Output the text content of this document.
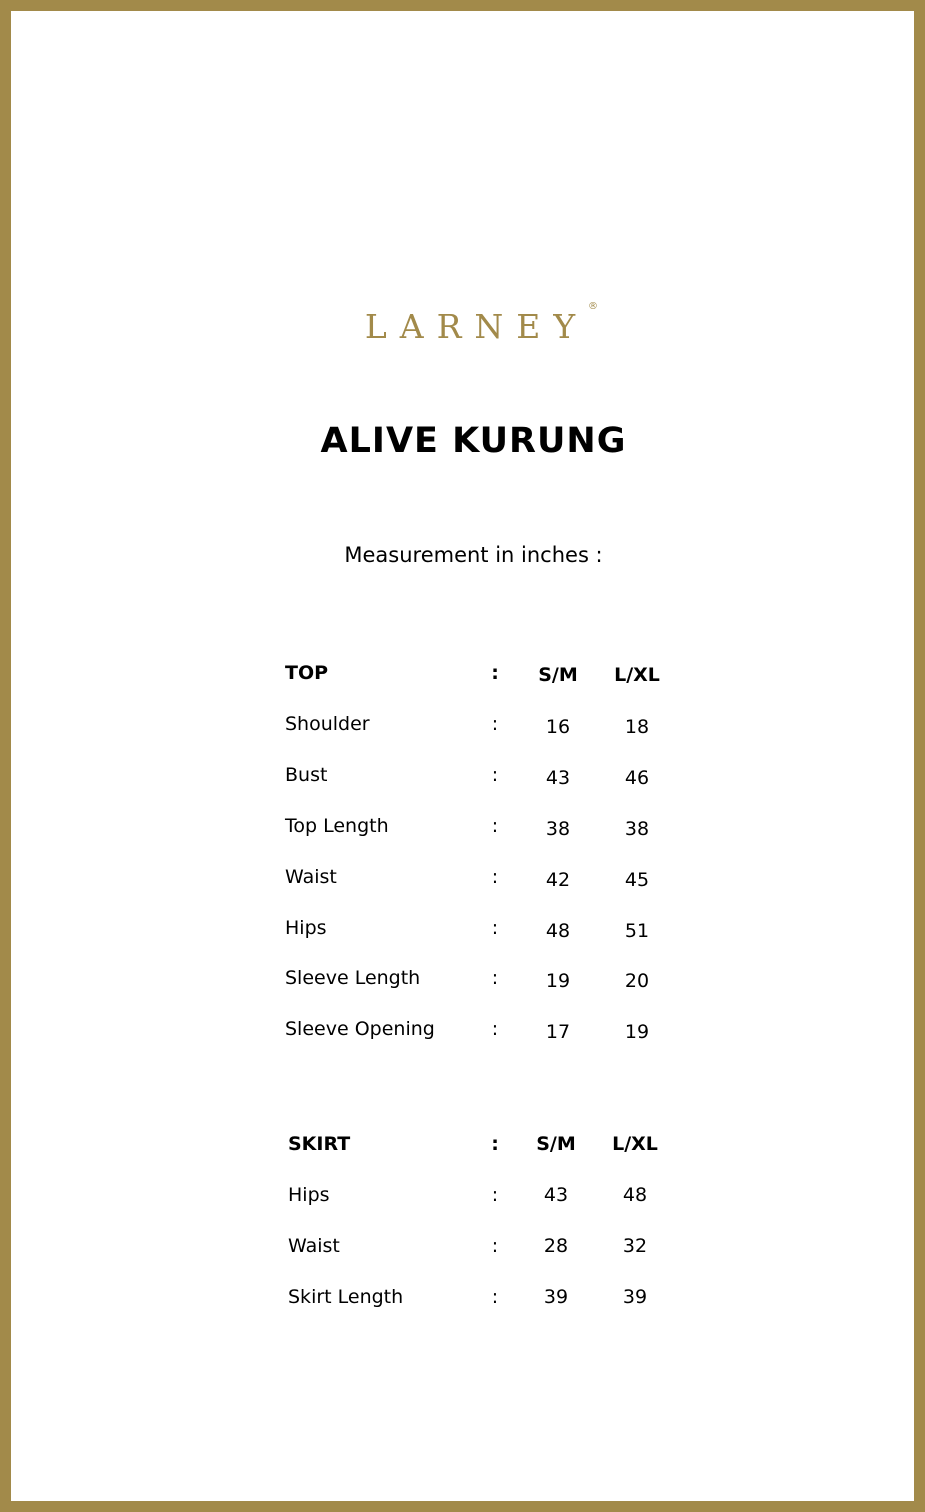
LARNEY
®
ALIVE KURUNG
Measurement in inches :
TOP	:	S/M	L/XL
Shoulder	:	16	18
Bust	:	43	46
Top Length	:	38	38
Waist	:	42	45
Hips	:	48	51
Sleeve Length	:	19	20
Sleeve Opening	:	17	19
SKIRT	:	S/M	L/XL
Hips	:	43	48
Waist	:	28	32
Skirt Length	:	39	39
